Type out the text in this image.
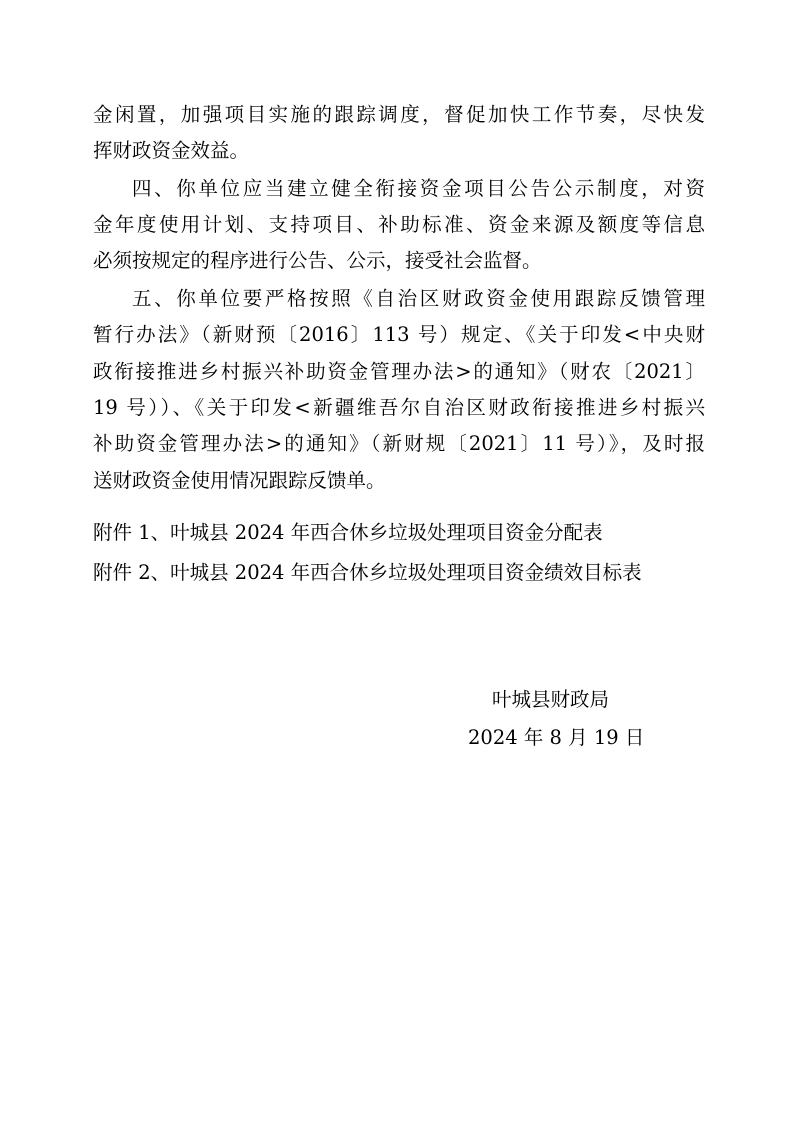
金闲置，加强项目实施的跟踪调度，督促加快工作节奏，尽快发
挥财政资金效益。
四、你单位应当建立健全衔接资金项目公告公示制度，对资
金年度使用计划、支持项目、补助标准、资金来源及额度等信息
必须按规定的程序进行公告、公示，接受社会监督。
五、你单位要严格按照《自治区财政资金使用跟踪反馈管理
暂行办法》（新财预〔2016〕113 号）规定、《关于印发<中央财
政衔接推进乡村振兴补助资金管理办法>的通知》（财农〔2021〕
19 号））、《关于印发<新疆维吾尔自治区财政衔接推进乡村振兴
补助资金管理办法>的通知》（新财规〔2021〕11 号）》，及时报
送财政资金使用情况跟踪反馈单。
附件 1、叶城县 2024 年西合休乡垃圾处理项目资金分配表
附件 2、叶城县 2024 年西合休乡垃圾处理项目资金绩效目标表
叶城县财政局
2024 年 8 月 19 日
